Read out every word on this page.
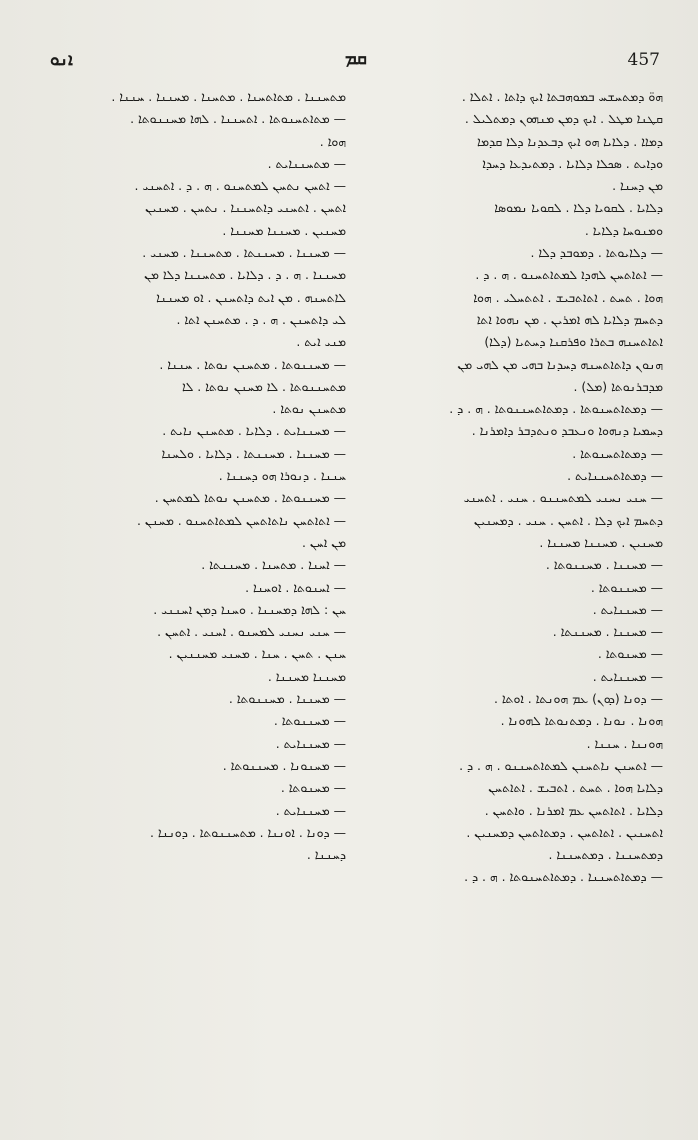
ܐܢܘ	ܩܡ	457
ܗܘ̈ ܕܡܬܚܫܚ ܒܡܘܗܒܬܐ ܐܝܟ ܕܐܬܐ . ܐܬܠܐ .
ܩܛܢܐ ܡܛܠ . ܐܝܟ ܕܡܢ ܡܢܗܘܢ ܕܡܬܠܝܠ .
ܕܡܐܐ . ܕܠܐܝܐ ܗܘ ܐܝܟ ܕܒܥܕܢܐ ܕܠܐ ܩܕܡܐ
ܘܕܐܝܬ . ܣܟܠܐ ܕܠܐܝܐ . ܕܡܬܝܕܥܐ ܕܚܕܐ
ܡܢ ܕܚܢܐ .
ܕܠܐܝܐ . ܠܩܘܝܐ ܕܠܐ . ܠܩܘܝܐ ܢܡܘܣܐ
ܘܡܢܘܚܐ ܕܠܐܝܐ .
— ܕܠܐܝܘܬܐ . ܕܡܘܒܕ ܕܠܐ .
— ܐܬܐܬܚܢ ܠܗܕܐ ܠܡܬܐܬܚܢܘ . ܗ . ܕ .
ܗܘܐ . ܬܚܬ . ܐܬܐܬܒܝܫ . ܐܬܬܚܠܝ . ܗܘܐ
ܕܬܚܡ ܕܠܐܝܐ ܠܗ ܐܡܪܝܢ . ܡܢ ܢܗܘܐ ܐܬܐ
ܐܬܐܬܚܢܗ ܒܬܪܐ ܘܦܪܩܢܐ ܕܚܬܝܐ (ܕܠܐ)
ܗܢܘܢ ܕܐܬܐܬܚܢܗ ܕܚܕܢܐ ܒܗܝ ܡܢ ܠܗܝ ܡܢ
ܡܕܒܪܢܘܬܐ (ܡܠ) .
— ܕܡܬܐܬܚܢܘܬܐ . ܕܡܬܐܬܚܢܢܘܬܐ . ܗ . ܕ .
ܕܚܡܝܐ ܕܢܗܘܐ ܘܢܥܒܕ ܘܢܬܕܒܪ ܕܐܡܪܢܐ .
— ܕܡܬܐܬܚܢܘܬܐ .
— ܕܡܬܐܬܚܢܢܐܝܬ .
— ܚܢܝ ܢܚܢܝ ܠܡܬܚܢܢܘ . ܚܢܝ . ܐܬܚܢܝ
ܕܬܚܡ ܐܝܟ ܕܠܐ . ܐܬܚܢ . ܚܢܝ . ܕܡܚܢܝܢ
ܡܚܢܝܢ . ܡܚܢܢܐ ܡܚܢܢܐ .
— ܡܚܢܢܐ . ܡܚܢܢܘܬܐ .
— ܡܚܢܢܘܬܐ .
— ܡܚܢܢܐܝܬ .
— ܡܚܢܢܐ . ܡܚܢܢܬܐ .
— ܡܚܢܘܬܐ .
— ܡܚܢܢܐܝܬ .
— ܕܘܢܐ (ܕܘܢ) ܥܡ ܗܘܢܬܐ . ܐܘܬܐ .
ܗܘܢܐ . ܢܘܢܐ . ܕܡܬܢܘܬܐ ܠܗܘܢܐ .
ܗܘܢܢܐ . ܚܢܢܐ .
— ܐܬܚܢܢ ܢܐܬܚܢܢ ܠܡܬܐܬܚܢܢܘ . ܗ . ܕ .
ܕܠܐܝܐ ܗܘܐ . ܬܚܬ . ܐܬܒܝܫ . ܐܬܐܬܚܢ
ܕܠܐܝܐ . ܐܬܐܬܚܢ ܥܡ ܐܡܪܢܐ . ܘܐܬܚܢ .
ܐܬܚܢܝܢ . ܐܬܐܬܚܢ . ܕܡܬܐܬܚܢ ܕܡܚܢܝܢ .
ܕܡܬܚܢܢܐ . ܕܡܬܚܢܢܐ .
— ܕܡܬܐܬܚܢܢܐ . ܕܡܬܐܬܚܢܘܬܐ . ܗ . ܕ .
ܡܬܚܢܢܐ . ܡܬܐܬܚܢܐ . ܡܬܚܢܐ . ܡܚܢܢܐ . ܚܢܢܐ .
— ܡܬܐܬܚܢܘܬܐ . ܐܬܚܢܢܐ . ܠܗܐ ܡܚܢܢܘܬܐ .
ܗܘܐ .
— ܡܬܚܢܢܐܝܬ .
— ܐܬܚܢ ܢܬܚܢ ܠܡܬܚܢܘ . ܗ . ܕ . ܐܬܚܢܝ .
ܐܬܚܢ . ܐܬܚܢܝ ܕܐܬܚܢܢܐ . ܢܬܚܢ . ܡܚܢܝܢ
ܡܚܢܝܢ . ܡܚܢܢܐ ܡܚܢܢܐ .
— ܡܚܢܢܐ . ܡܚܢܢܬܐ . ܡܬܚܢܢܐ . ܡܚܢܝ .
ܡܚܢܢܐ . ܗ . ܕ . ܕܠܐܝܐ . ܡܬܚܢܢܐ ܕܠܐ ܡܢ
ܠܐܬܚܢܗ . ܡܢ ܐܝܬ ܕܐܬܚܢܢ . ܐܘ ܡܚܢܢܐ
ܠܝ ܕܐܬܚܢܢ . ܗ . ܕ . ܡܬܚܢܢ ܐܬܐ .
ܡܢܝ ܐܝܬ .
— ܡܚܢܢܘܬܐ . ܡܬܚܢܢ ܢܘܬܐ . ܚܢܢܐ .
ܡܬܚܢܢܘܬܐ . ܠܐ ܡܚܢܢ ܢܘܬܐ . ܠܐ
ܡܬܚܢܢ ܢܘܬܐ .
— ܡܚܢܢܐܝܬ . ܕܠܐܝܐ . ܡܬܚܢܢ ܢܐܝܬ .
— ܡܚܢܢܐ . ܡܚܢܢܬܐ . ܕܠܐܝܐ . ܘܠܚܢܐ
ܚܢܢܐ . ܕܢܘܪܐ ܗܘ ܕܚܢܢܐ .
— ܡܚܢܢܘܬܐ . ܡܬܚܢܢ ܢܘܬܐ ܠܡܬܚܢ .
— ܐܬܐܬܚܢ ܢܐܬܐܬܚܢ ܠܡܬܐܬܚܢܘ . ܡܚܢܢ .
ܡܢ ܐܚܢ .
— ܐܚܢܐ . ܡܬܚܢܐ . ܡܚܢܢܬܐ .
— ܐܚܢܘܬܐ . ܐܘܚܢܐ .
ܚܢ : ܠܗܐ ܕܡܚܢܢܐ . ܘܚܢܐ ܕܡܢ ܐܚܢܢܝ .
— ܚܢܝ ܢܚܢܝ ܠܡܚܢܘ . ܐܚܢܝ . ܐܬܚܢ .
ܚܢܢ . ܬܚܢ . ܚܢܐ . ܡܚܢܝ ܡܚܢܢܝܢ .
ܡܚܢܢܐ ܡܚܢܢܐ .
— ܡܚܢܢܐ . ܡܚܢܢܘܬܐ .
— ܡܚܢܢܘܬܐ .
— ܡܚܢܢܐܝܬ .
— ܡܚܢܘܢܐ . ܡܚܢܢܘܬܐ .
— ܡܚܢܘܬܐ .
— ܡܚܢܢܐܝܬ .
— ܕܘܢܐ . ܐܘܢܢܐ . ܡܬܚܢܢܘܬܐ . ܕܘܢܢܐ .
ܕܚܢܢܐ .
